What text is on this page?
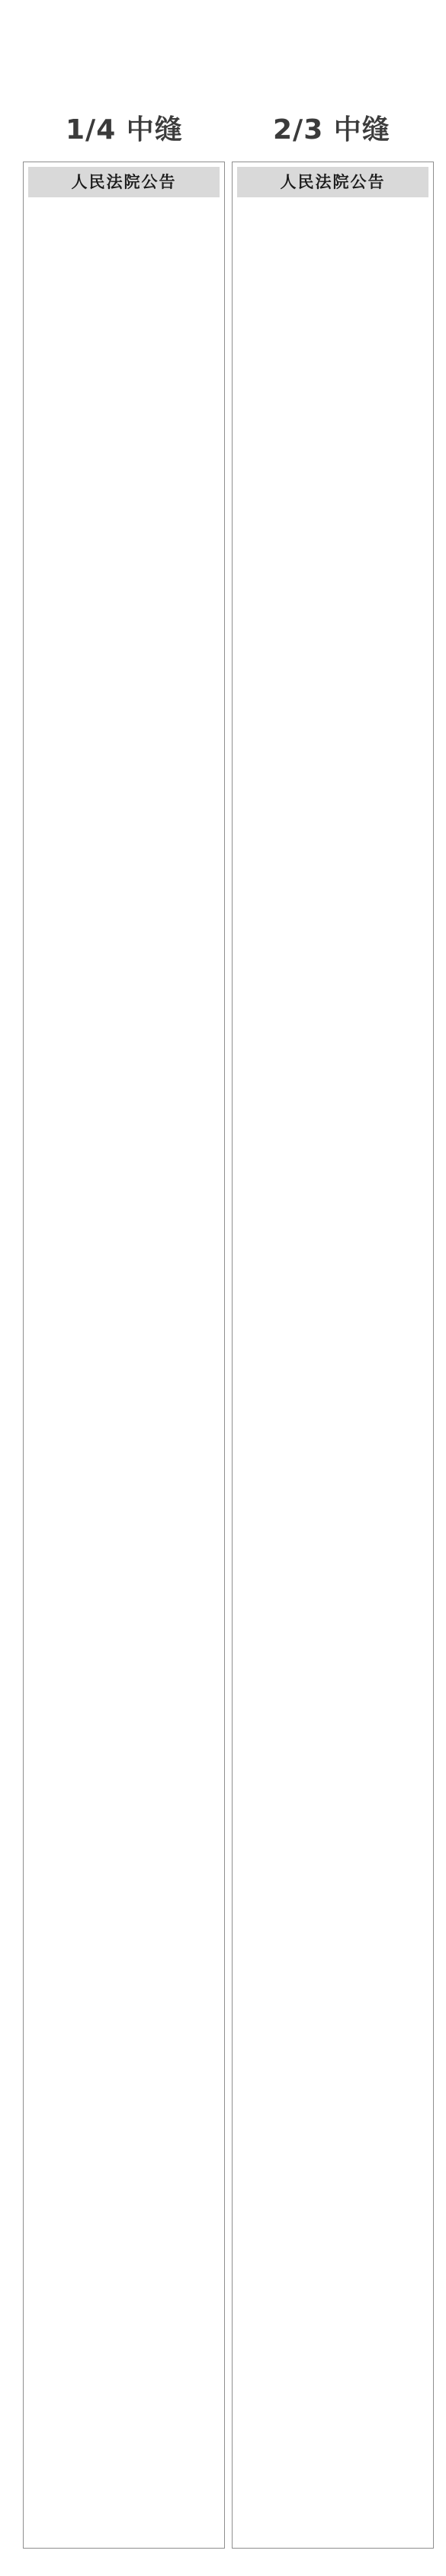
1/4 中缝	2/3 中缝
人民法院公告	人民法院公告
